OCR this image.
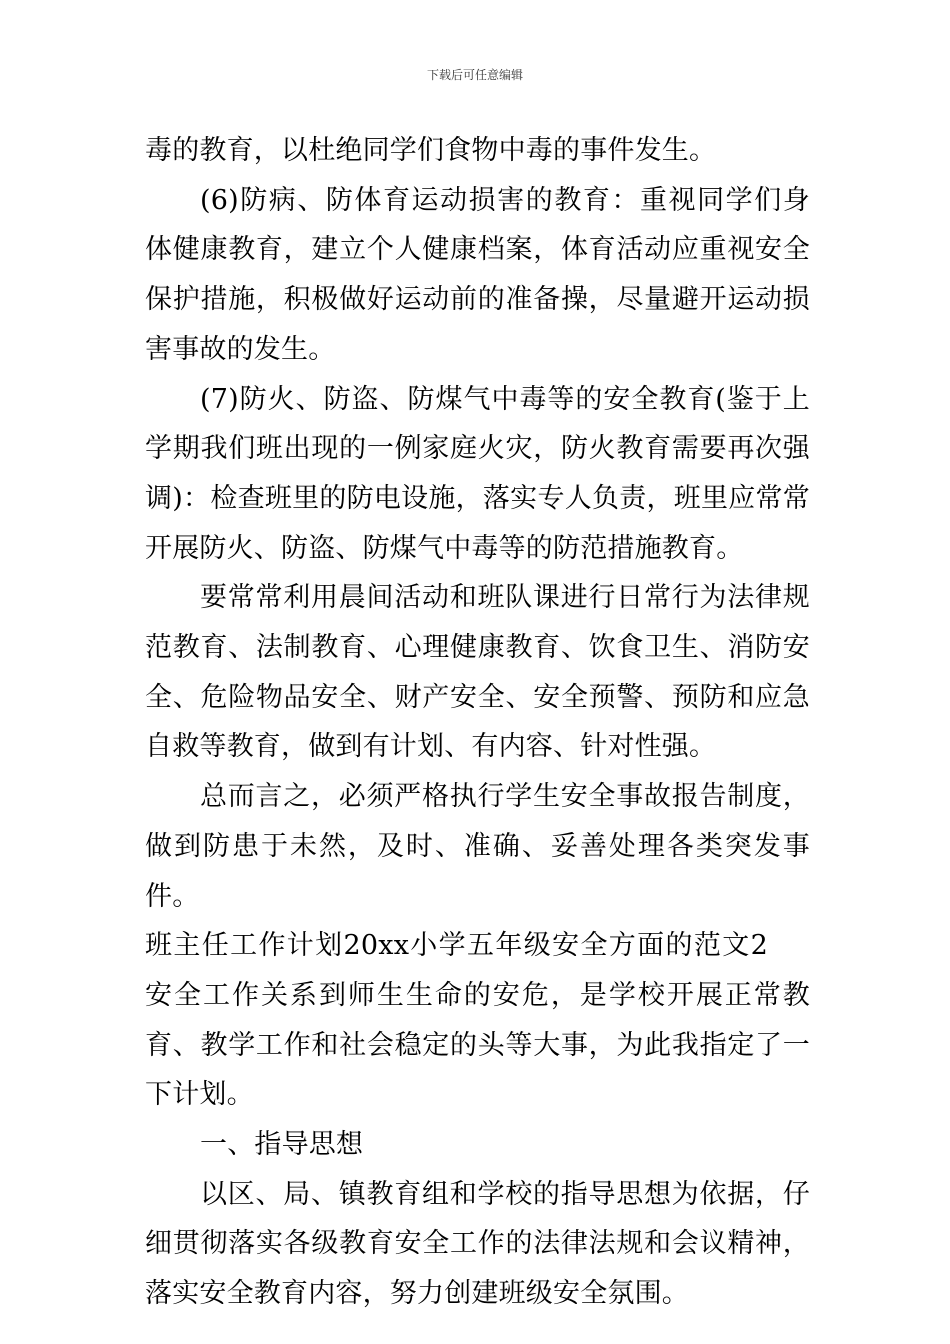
下载后可任意编辑

毒的教育，以杜绝同学们食物中毒的事件发生。

(6)防病、防体育运动损害的教育：重视同学们身体健康教育，建立个人健康档案，体育活动应重视安全保护措施，积极做好运动前的准备操，尽量避开运动损害事故的发生。

(7)防火、防盗、防煤气中毒等的安全教育(鉴于上学期我们班出现的一例家庭火灾，防火教育需要再次强调)：检查班里的防电设施，落实专人负责，班里应常常开展防火、防盗、防煤气中毒等的防范措施教育。

要常常利用晨间活动和班队课进行日常行为法律规范教育、法制教育、心理健康教育、饮食卫生、消防安全、危险物品安全、财产安全、安全预警、预防和应急自救等教育，做到有计划、有内容、针对性强。

总而言之，必须严格执行学生安全事故报告制度，做到防患于未然，及时、准确、妥善处理各类突发事件。

班主任工作计划20xx小学五年级安全方面的范文2安全工作关系到师生生命的安危，是学校开展正常教育、教学工作和社会稳定的头等大事，为此我指定了一下计划。

一、指导思想

以区、局、镇教育组和学校的指导思想为依据，仔细贯彻落实各级教育安全工作的法律法规和会议精神，落实安全教育内容，努力创建班级安全氛围。
